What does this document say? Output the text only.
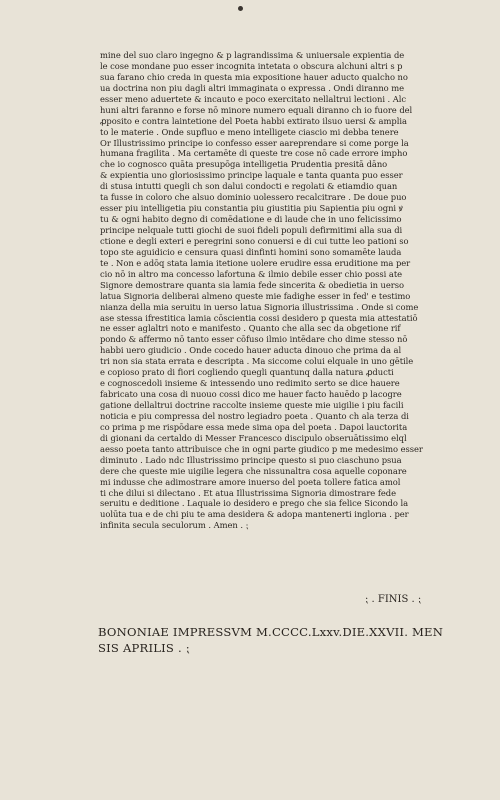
mine del suo claro ingegno & p lagrandissima & uniuersale expientia de
le cose mondane puo esser incognita intetata o obscura alchuni altri s p
sua farano chio creda in questa mia expositione hauer aducto qualcho no
ua doctrina non piu dagli altri immaginata o expressa . Ondi diranno me
esser meno aduertete & incauto e poco exercitato nellaltrui lectioni . Alc
huni altri faranno e forse nō minore numero equali diranno ch io fuore del
ꝓposito e contra laintetione del Poeta habbi extirato ilsuo uersi & amplia
to le materie . Onde supfluo e meno intelligete ciascio mi debba tenere
Or Illustrissimo principe io confesso esser aareprendare si come porge la
humana fragilita . Ma certamēte di queste tre cose nō cade errore impho
che io cognosco quāta presupōga intelligetia Prudentia presitā dāno
& expientia uno gloriosissimo principe laquale e tanta quanta puo esser
di stusa intutti quegli ch son dalui condocti e regolati & etiamdio quan
ta fusse in coloro che alsuo dominio uolessero recalcitrare . De doue puo
esser piu intelligetia piu constantia piu giustitia piu Sapientia piu ogni ꝟ
tu & ogni habito degno di comēdatione e di laude che in uno felicissimo
principe nelquale tutti giochi de suoi fideli populi defirmitimi alla sua di
ctione e degli exteri e peregrini sono conuersi e di cui tutte leo pationi so
topo ste aguidicio e censura quasi dinfinti homini sono somamēte lauda
te . Non e adōq stata lamia itetione uolere erudire essa eruditione ma per
cio nō in altro ma concesso lafortuna & ilmio debile esser chio possi ate
Signore demostrare quanta sia lamia fede sincerita & obedietia in uerso
latua Signoria deliberai almeno queste mie fadighe esser in fed' e testimo
nianza della mia seruitu in uerso latua Signoria illustrissima . Onde si come
ase stessa ifrestitica lamia cōscientia cossi desidero p questa mia attestatiō
ne esser aglaltri noto e manifesto . Quanto che alla sec da obgetione rif
pondo & affermo nō tanto esser cōfuso ilmio intēdare cho dime stesso nō
habbi uero giudicio . Onde cocedo hauer aducta dinouo che prima da al
tri non sia stata errata e descripta . Ma siccome colui elquale in uno gētile
e copioso prato di fiori cogliendo quegli quantunq dalla natura ꝓducti
e cognoscedoli insieme & intessendo uno redimito serto se dice hauere
fabricato una cosa di nuouo cossi dico me hauer facto hauēdo p lacogre
gatione dellaltrui doctrine raccolte insieme queste mie uigilie i piu facili
noticia e piu compressa del nostro legiadro poeta . Quanto ch ala terza di
co prima p me rispōdare essa mede sima opa del poeta . Dapoi lauctorita
di gionani da certaldo di Messer Francesco discipulo obseruātissimo elql
aesso poeta tanto attribuisce che in ogni parte giudico p me medesimo esser
diminuto . Lado ndc Illustrissimo principe questo si puo ciaschuno psua
dere che queste mie uigilie legera che nissunaltra cosa aquelle coponare
mi indusse che adimostrare amore inuerso del poeta tollere fatica amol
ti che dilui si dilectano . Et atua Illustrissima Signoria dimostrare fede
seruitu e deditione . Laquale io desidero e prego che sia felice Sicondo la
uolūta tua e de chi piu te ama desidera & adopa mantenerti inglorıa . per
infinita secula seculorum . Amen . ⁏
⁏ . FINIS . ⁏
BONONIAE IMPRESSVM M.CCCC.Lxxv.DIE.XXVII. MEN
SIS APRILIS . ⁏
